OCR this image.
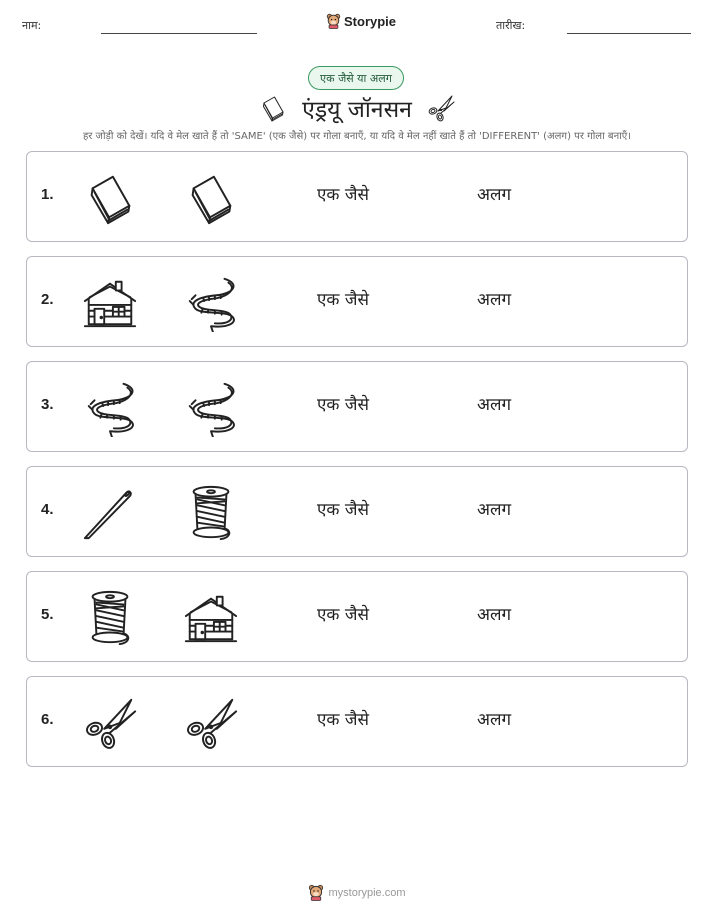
नाम:	Storypie	तारीख:
एक जैसे या अलग
एंड्रयू जॉनसन
हर जोड़ी को देखें। यदि वे मेल खाते हैं तो 'SAME' (एक जैसे) पर गोला बनाएँ, या यदि वे मेल नहीं खाते हैं तो 'DIFFERENT' (अलग) पर गोला बनाएँ।
1.	एक जैसे	अलग
2.	एक जैसे	अलग
3.	एक जैसे	अलग
4.	एक जैसे	अलग
5.	एक जैसे	अलग
6.	एक जैसे	अलग
mystorypie.com
